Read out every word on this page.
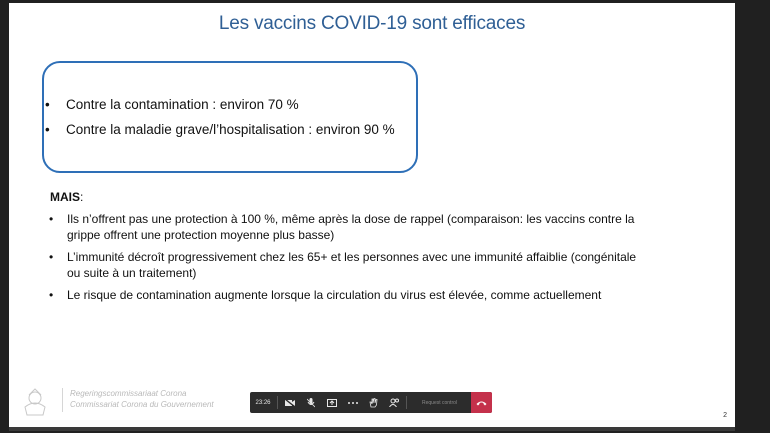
Les vaccins COVID-19 sont efficaces
• Contre la contamination : environ 70 %
• Contre la maladie grave/l’hospitalisation : environ 90 %
MAIS:
• Ils n’offrent pas une protection à 100 %, même après la dose de rappel (comparaison: les vaccins contre la grippe offrent une protection moyenne plus basse)
• L’immunité décroît progressivement chez les 65+ et les personnes avec une immunité affaiblie (congénitale ou suite à un traitement)
• Le risque de contamination augmente lorsque la circulation du virus est élevée, comme actuellement
Regeringscommissariaat Corona
Commissariat Corona du Gouvernement
2
23:26	Request control
